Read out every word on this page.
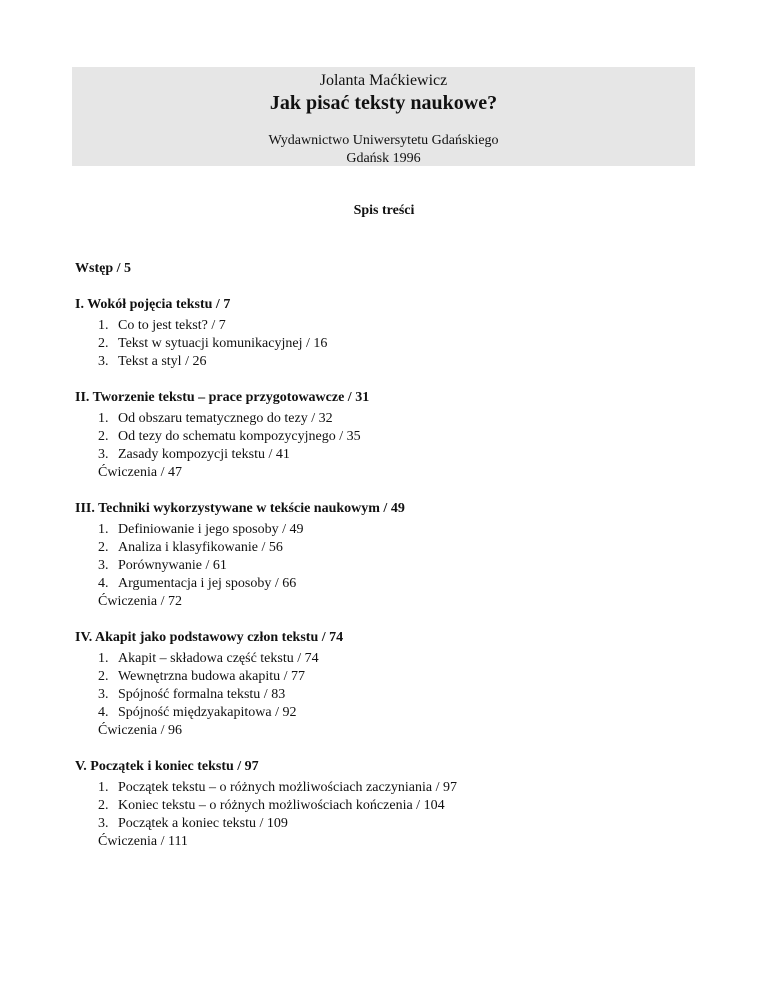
Jolanta Maćkiewicz
Jak pisać teksty naukowe?
Wydawnictwo Uniwersytetu Gdańskiego
Gdańsk 1996
Spis treści
Wstęp / 5
I. Wokół pojęcia tekstu / 7
1. Co to jest tekst? / 7
2. Tekst w sytuacji komunikacyjnej / 16
3. Tekst a styl / 26
II. Tworzenie tekstu – prace przygotowawcze / 31
1. Od obszaru tematycznego do tezy / 32
2. Od tezy do schematu kompozycyjnego / 35
3. Zasady kompozycji tekstu / 41
Ćwiczenia / 47
III. Techniki wykorzystywane w tekście naukowym / 49
1. Definiowanie i jego sposoby / 49
2. Analiza i klasyfikowanie / 56
3. Porównywanie / 61
4. Argumentacja i jej sposoby / 66
Ćwiczenia / 72
IV. Akapit jako podstawowy człon tekstu / 74
1. Akapit – składowa część tekstu / 74
2. Wewnętrzna budowa akapitu / 77
3. Spójność formalna tekstu / 83
4. Spójność międzyakapitowa / 92
Ćwiczenia / 96
V. Początek i koniec tekstu / 97
1. Początek tekstu – o różnych możliwościach zaczyniania / 97
2. Koniec tekstu – o różnych możliwościach kończenia / 104
3. Początek a koniec tekstu / 109
Ćwiczenia / 111
